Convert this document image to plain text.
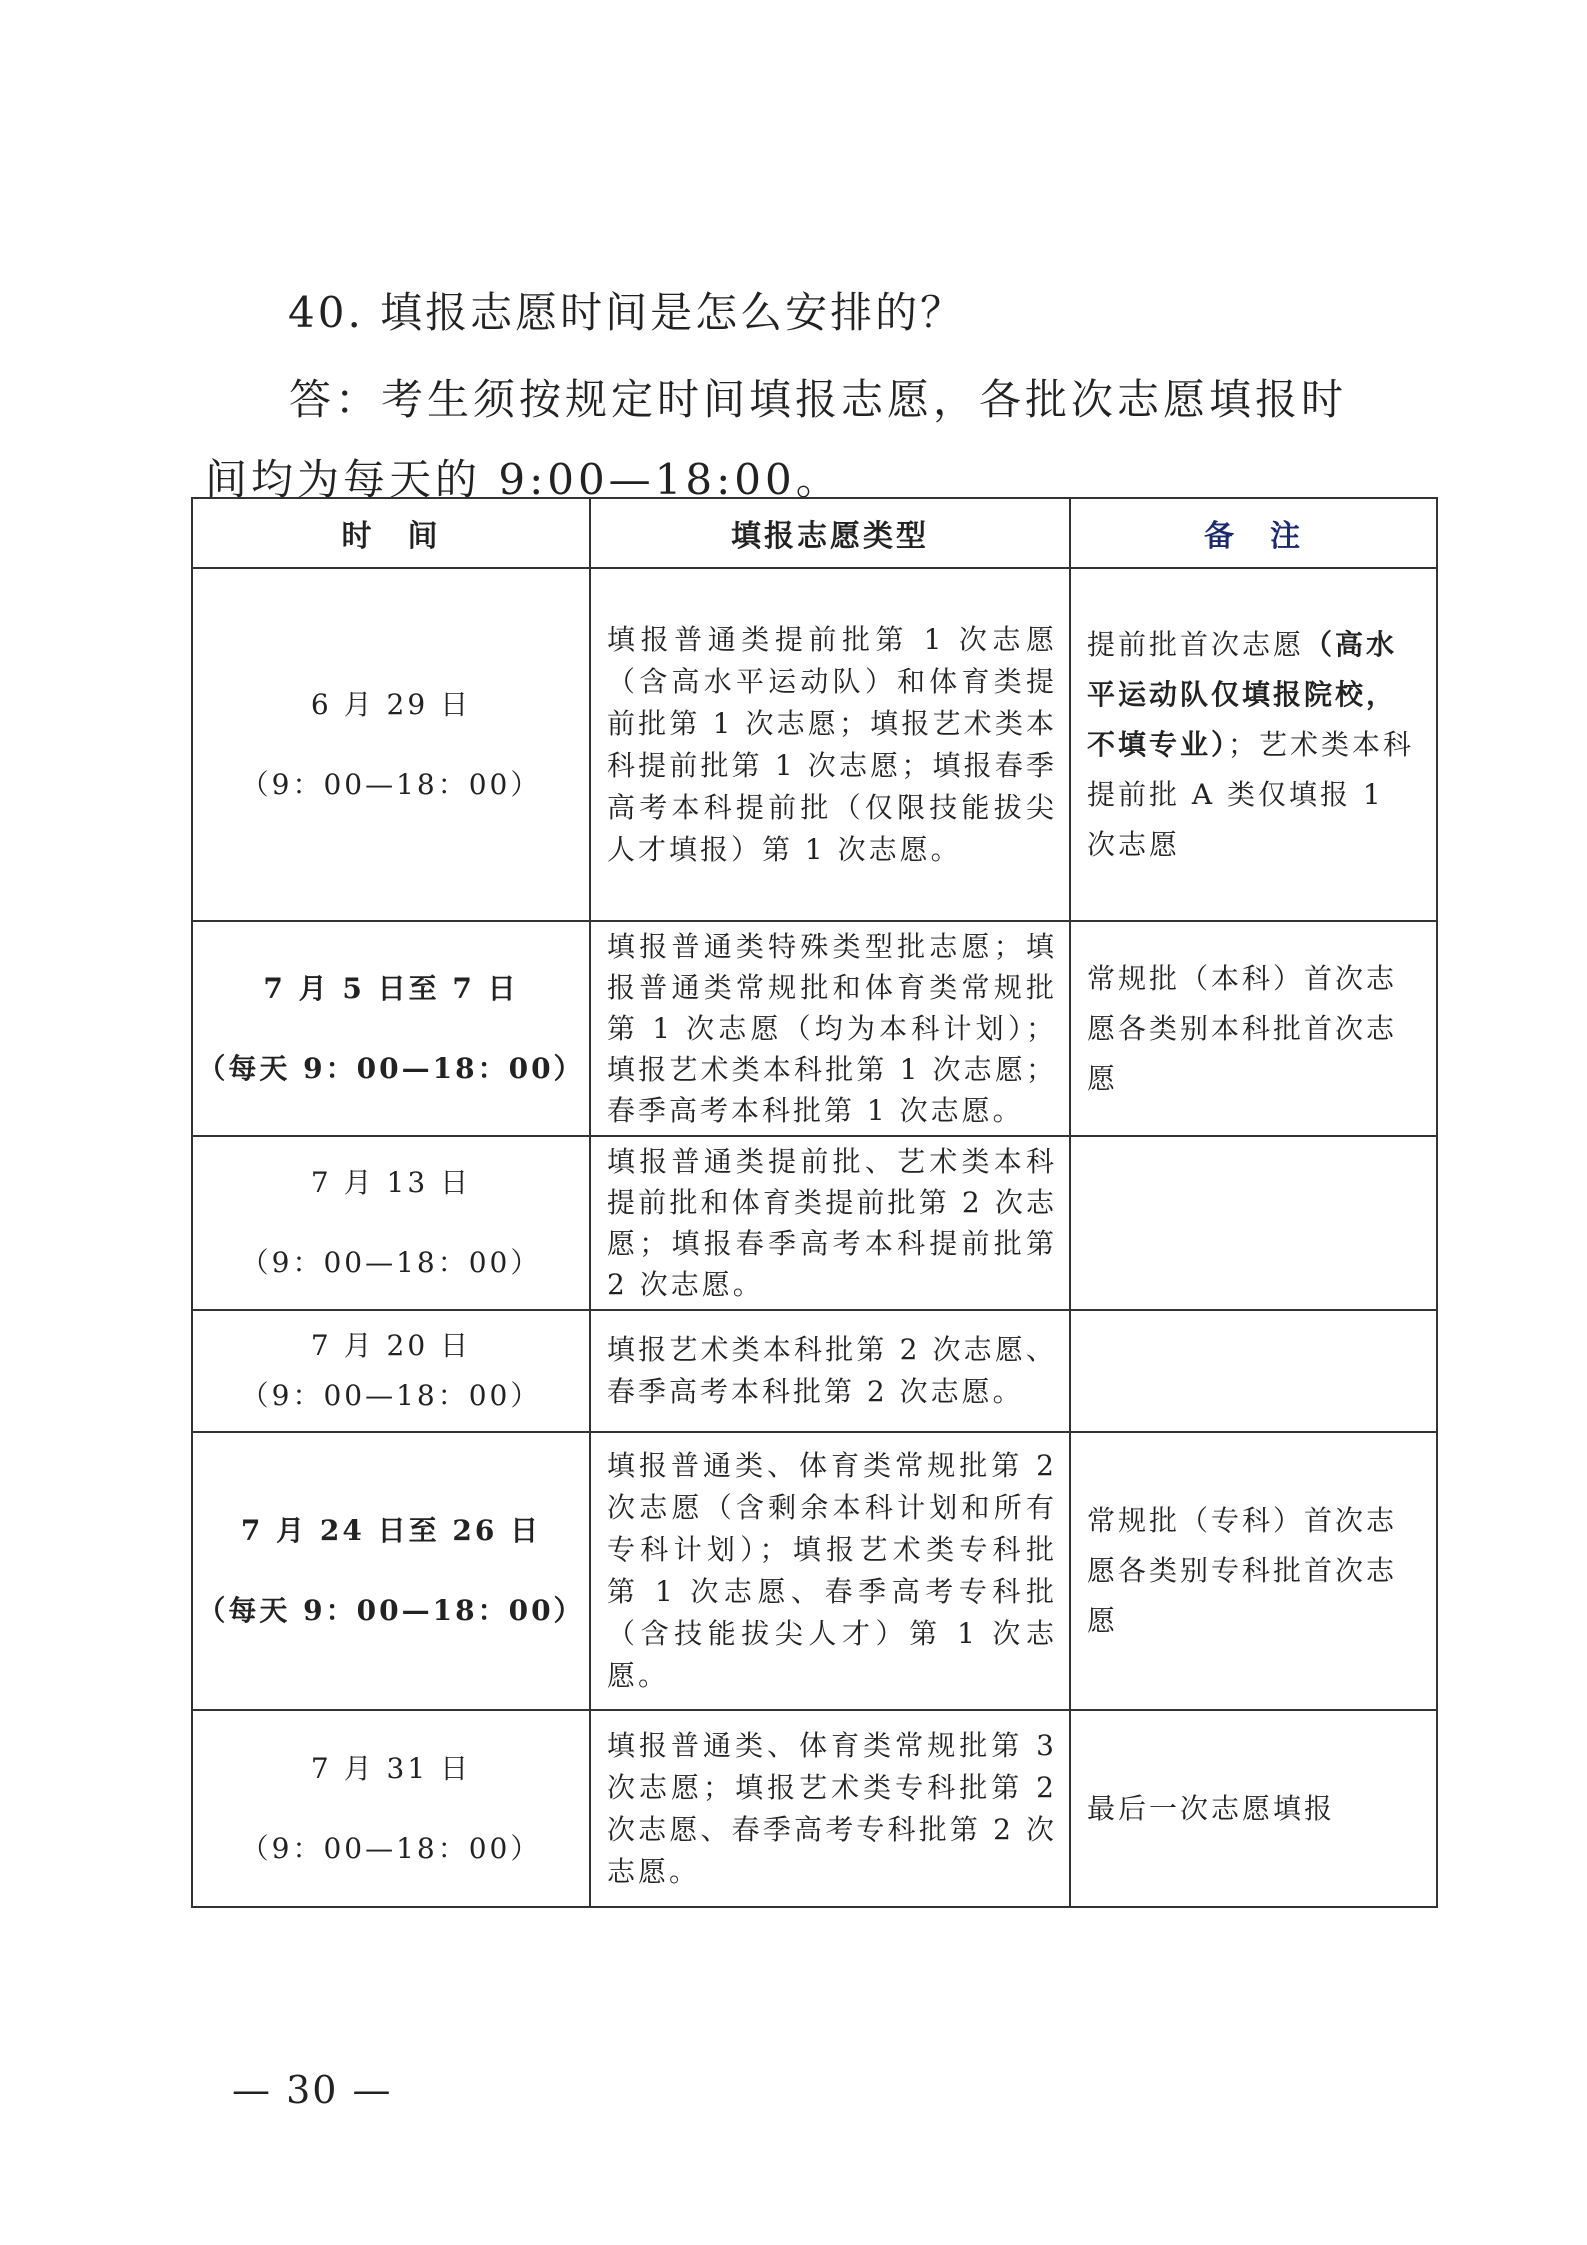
40. 填报志愿时间是怎么安排的？

答：考生须按规定时间填报志愿，各批次志愿填报时间均为每天的 9:00—18:00。

时　间	填报志愿类型	备　注

6 月 29 日
（9：00—18：00）	填报普通类提前批第 1 次志愿（含高水平运动队）和体育类提前批第 1 次志愿；填报艺术类本科提前批第 1 次志愿；填报春季高考本科提前批（仅限技能拔尖人才填报）第 1 次志愿。	提前批首次志愿（高水平运动队仅填报院校，不填专业）；艺术类本科提前批 A 类仅填报 1 次志愿

7 月 5 日至 7 日
（每天 9：00—18：00）	填报普通类特殊类型批志愿；填报普通类常规批和体育类常规批第 1 次志愿（均为本科计划）；填报艺术类本科批第 1 次志愿；春季高考本科批第 1 次志愿。	常规批（本科）首次志愿各类别本科批首次志愿

7 月 13 日
（9：00—18：00）	填报普通类提前批、艺术类本科提前批和体育类提前批第 2 次志愿；填报春季高考本科提前批第 2 次志愿。	

7 月 20 日
（9：00—18：00）	填报艺术类本科批第 2 次志愿、春季高考本科批第 2 次志愿。	

7 月 24 日至 26 日
（每天 9：00—18：00）	填报普通类、体育类常规批第 2 次志愿（含剩余本科计划和所有专科计划）；填报艺术类专科批第 1 次志愿、春季高考专科批（含技能拔尖人才）第 1 次志愿。	常规批（专科）首次志愿各类别专科批首次志愿

7 月 31 日
（9：00—18：00）	填报普通类、体育类常规批第 3 次志愿；填报艺术类专科批第 2 次志愿、春季高考专科批第 2 次志愿。	最后一次志愿填报
— 30 —
